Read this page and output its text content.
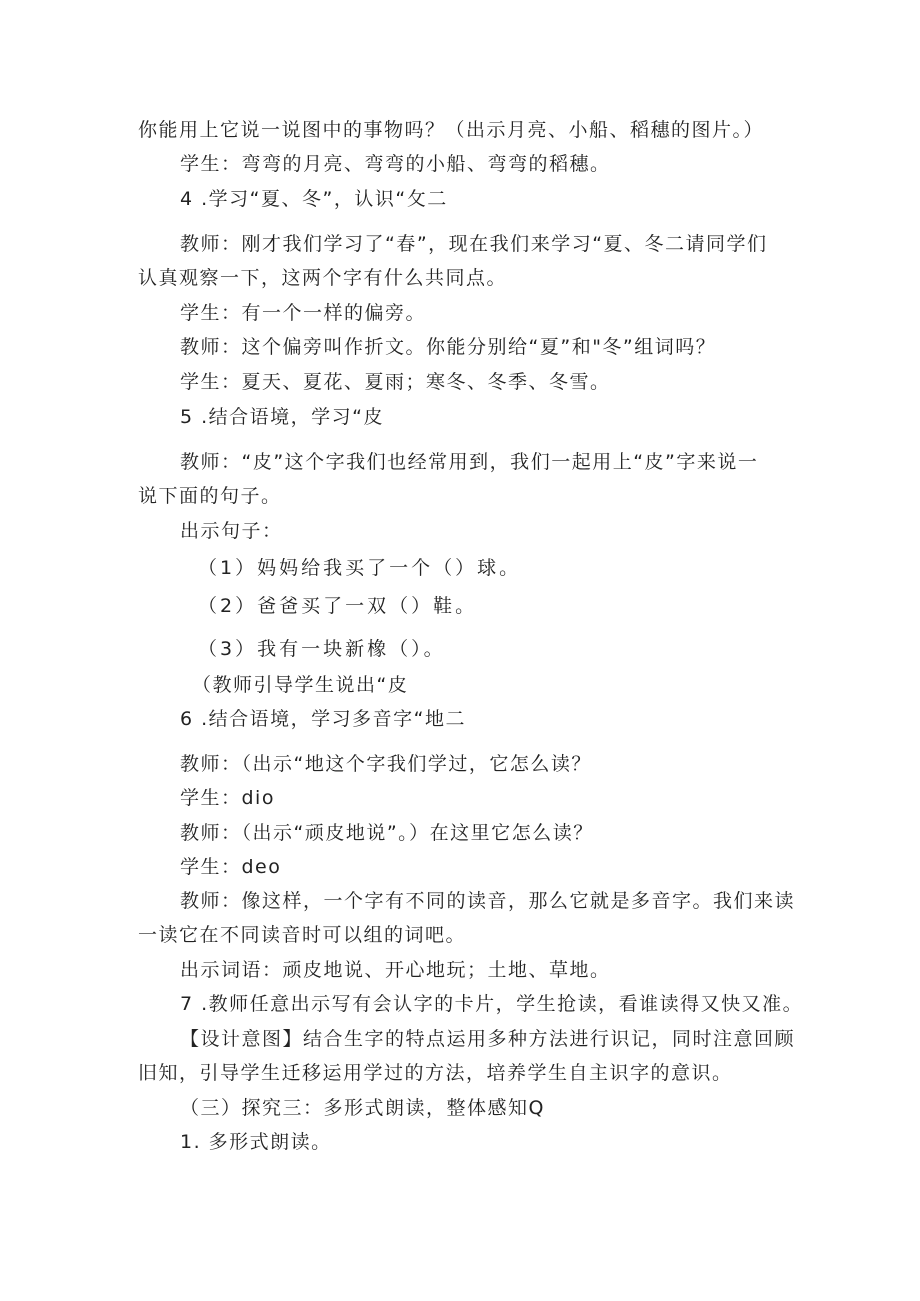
你能用上它说一说图中的事物吗？（出示月亮、小船、稻穗的图片。）
学生：弯弯的月亮、弯弯的小船、弯弯的稻穗。
4 .学习“夏、冬”，认识“攵二
教师：刚才我们学习了“春”，现在我们来学习“夏、冬二请同学们
认真观察一下，这两个字有什么共同点。
学生：有一个一样的偏旁。
教师：这个偏旁叫作折文。你能分别给“夏”和"冬”组词吗？
学生：夏天、夏花、夏雨；寒冬、冬季、冬雪。
5 .结合语境，学习“皮
教师：“皮”这个字我们也经常用到，我们一起用上“皮”字来说一
说下面的句子。
出示句子：
（1）妈妈给我买了一个（）球。
（2）爸爸买了一双（）鞋。
（3）我有一块新橡（）。
（教师引导学生说出“皮
6 .结合语境，学习多音字“地二
教师：（出示“地这个字我们学过，它怎么读？
学生：dio
教师：（出示“顽皮地说”。）在这里它怎么读？
学生：deo
教师：像这样，一个字有不同的读音，那么它就是多音字。我们来读
一读它在不同读音时可以组的词吧。
出示词语：顽皮地说、开心地玩；土地、草地。
7 .教师任意出示写有会认字的卡片，学生抢读，看谁读得又快又准。
【设计意图】结合生字的特点运用多种方法进行识记，同时注意回顾
旧知，引导学生迁移运用学过的方法，培养学生自主识字的意识。
（三）探究三：多形式朗读，整体感知Q
1. 多形式朗读。
